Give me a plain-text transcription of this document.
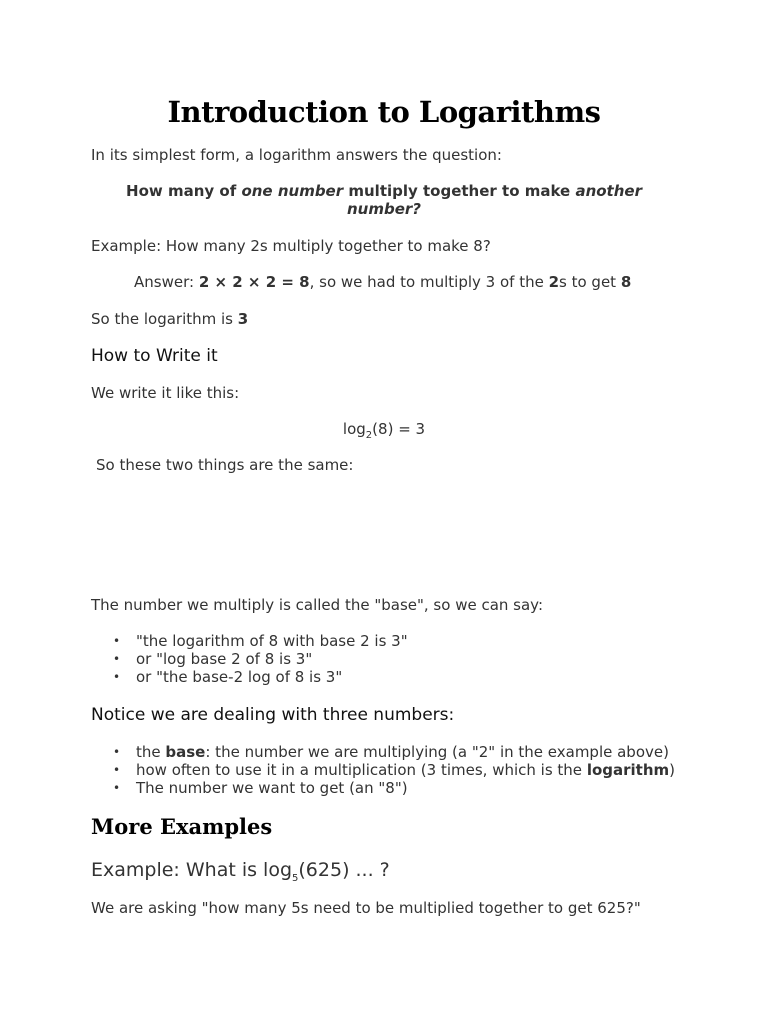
Introduction to Logarithms

In its simplest form, a logarithm answers the question:

How many of one number multiply together to make another number?

Example: How many 2s multiply together to make 8?

Answer: 2 × 2 × 2 = 8, so we had to multiply 3 of the 2s to get 8

So the logarithm is 3

How to Write it

We write it like this:

$\log_2(8) = 3$

So these two things are the same:

The number we multiply is called the "base", so we can say:

• "the logarithm of 8 with base 2 is 3"
• or "log base 2 of 8 is 3"
• or "the base-2 log of 8 is 3"

Notice we are dealing with three numbers:

• the base: the number we are multiplying (a "2" in the example above)
• how often to use it in a multiplication (3 times, which is the logarithm)
• The number we want to get (an "8")

More Examples

Example: What is $\log_5(625)$ ... ?

We are asking "how many 5s need to be multiplied together to get 625?"
